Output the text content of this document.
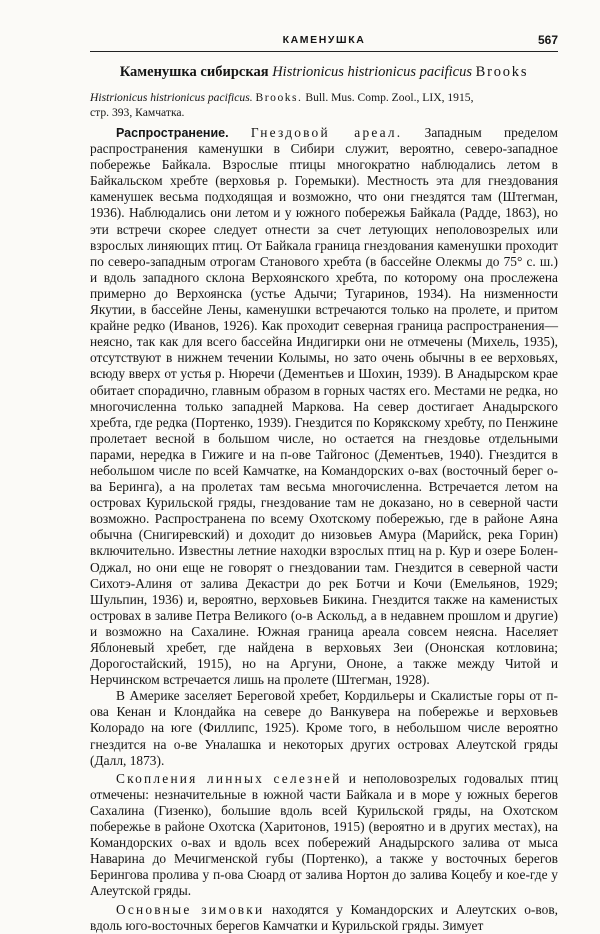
КАМЕНУШКА	567
Каменушка сибирская Histrionicus histrionicus pacificus Brooks
Histrionicus histrionicus pacificus. Brooks. Bull. Mus. Comp. Zool., LIX, 1915,
стр. 393, Камчатка.

Распространение. Гнездовой ареал. Западным пределом распространения каменушки в Сибири служит, вероятно, северо-западное побережье Байкала. Взрослые птицы многократно наблюдались летом в Байкальском хребте (верховья р. Горемыки). Местность эта для гнездования каменушек весьма подходящая и возможно, что они гнездятся там (Штегман, 1936). Наблюдались они летом и у южного побережья Байкала (Радде, 1863), но эти встречи скорее следует отнести за счет летующих неполовозрелых или взрослых линяющих птиц. От Байкала граница гнездования каменушки проходит по северо-западным отрогам Станового хребта (в бассейне Олекмы до 75° с. ш.) и вдоль западного склона Верхоянского хребта, по которому она прослежена примерно до Верхоянска (устье Адычи; Тугаринов, 1934). На низменности Якутии, в бассейне Лены, каменушки встречаются только на пролете, и притом крайне редко (Иванов, 1926). Как проходит северная граница распространения—неясно, так как для всего бассейна Индигирки они не отмечены (Михель, 1935), отсутствуют в нижнем течении Колымы, но зато очень обычны в ее верховьях, всюду вверх от устья р. Нюречи (Дементьев и Шохин, 1939). В Анадырском крае обитает спорадично, главным образом в горных частях его. Местами не редка, но многочисленна только западней Маркова. На север достигает Анадырского хребта, где редка (Портенко, 1939). Гнездится по Корякскому хребту, по Пенжине пролетает весной в большом числе, но остается на гнездовье отдельными парами, нередка в Гижиге и на п-ове Тайгонос (Дементьев, 1940). Гнездится в небольшом числе по всей Камчатке, на Командорских о-вах (восточный берег о-ва Беринга), а на пролетах там весьма многочисленна. Встречается летом на островах Курильской гряды, гнездование там не доказано, но в северной части возможно. Распространена по всему Охотскому побережью, где в районе Аяна обычна (Снигиревский) и доходит до низовьев Амура (Марийск, река Горин) включительно. Известны летние находки взрослых птиц на р. Кур и озере Болен-Оджал, но они еще не говорят о гнездовании там. Гнездится в северной части Сихотэ-Алиня от залива Декастри до рек Ботчи и Кочи (Емельянов, 1929; Шульпин, 1936) и, вероятно, верховьев Бикина. Гнездится также на каменистых островах в заливе Петра Великого (о-в Аскольд, а в недавнем прошлом и другие) и возможно на Сахалине. Южная граница ареала совсем неясна. Населяет Яблоневый хребет, где найдена в верховьях Зеи (Ононская котловина; Дорогостайский, 1915), но на Аргуни, Ононе, а также между Читой и Нерчинском встречается лишь на пролете (Штегман, 1928).

В Америке заселяет Береговой хребет, Кордильеры и Скалистые горы от п-ова Кенан и Клондайка на севере до Ванкувера на побережье и верховьев Колорадо на юге (Филлипс, 1925). Кроме того, в небольшом числе вероятно гнездится на о-ве Уналашка и некоторых других островах Алеутской гряды (Далл, 1873).

Скопления линных селезней и неполовозрелых годовалых птиц отмечены: незначительные в южной части Байкала и в море у южных берегов Сахалина (Гизенко), большие вдоль всей Курильской гряды, на Охотском побережье в районе Охотска (Харитонов, 1915) (вероятно и в других местах), на Командорских о-вах и вдоль всех побережий Анадырского залива от мыса Наварина до Мечигменской губы (Портенко), а также у восточных берегов Берингова пролива у п-ова Сюард от залива Нортон до залива Коцебу и кое-где у Алеутской гряды.

Основные зимовки находятся у Командорских и Алеутских о-вов, вдоль юго-восточных берегов Камчатки и Курильской гряды. Зимует
